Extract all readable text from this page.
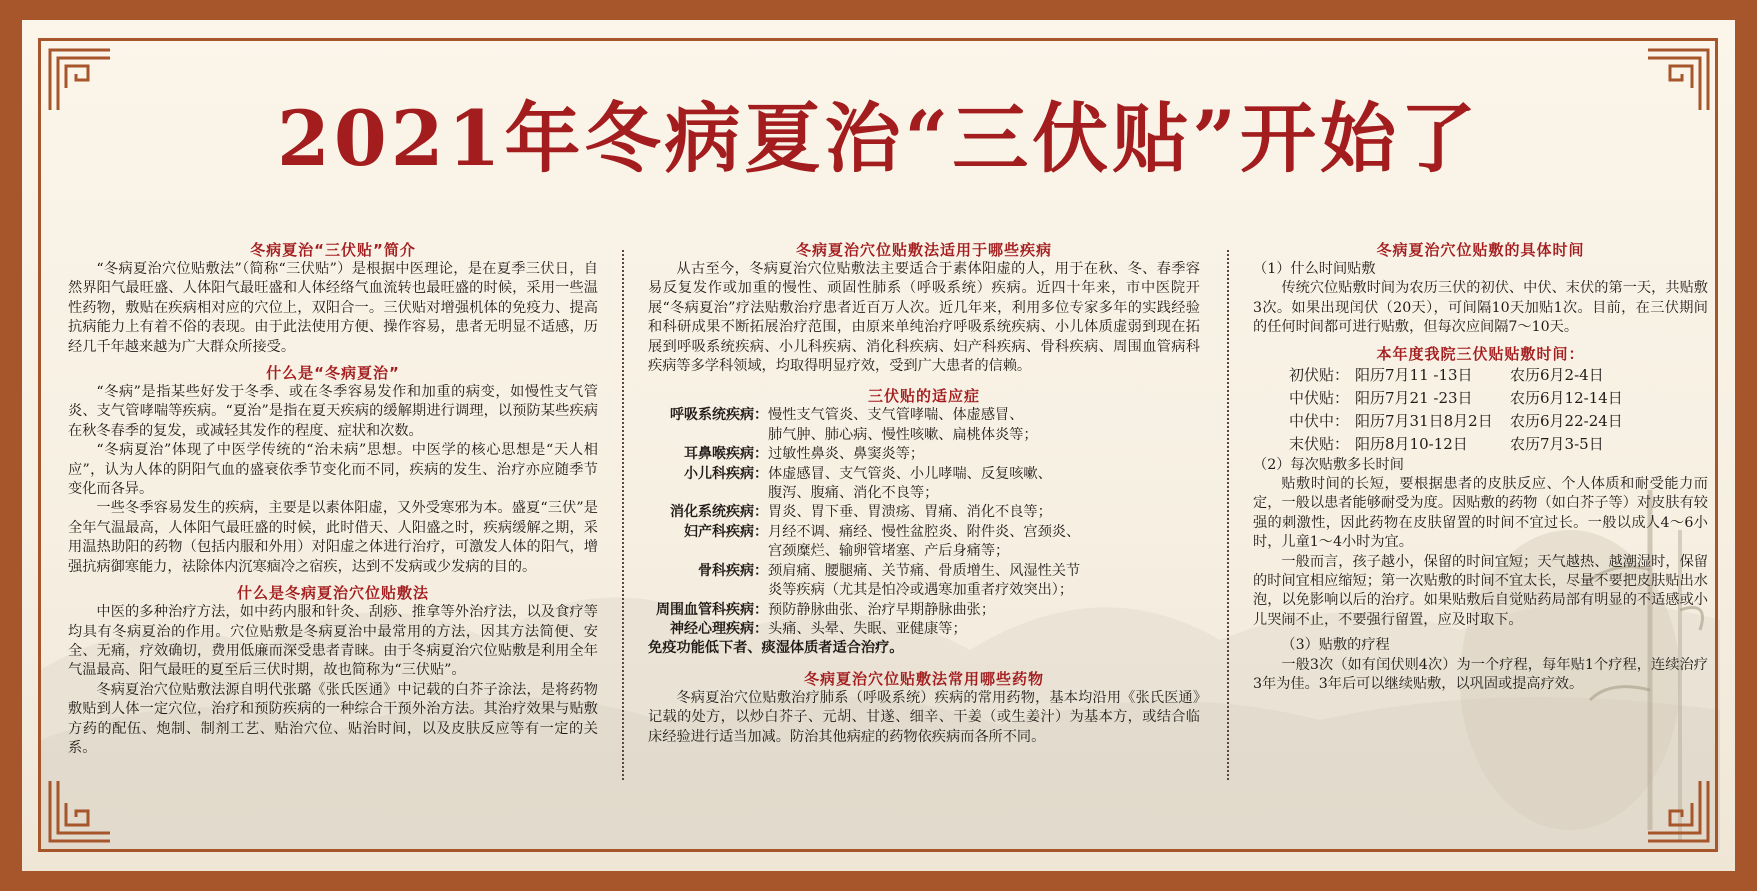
2021年冬病夏治“三伏贴”开始了
冬病夏治“三伏贴”简介

“冬病夏治穴位贴敷法”（简称“三伏贴”）是根据中医理论，是在夏季三伏日，自然界阳气最旺盛、人体阳气最旺盛和人体经络气血流转也最旺盛的时候，采用一些温性药物，敷贴在疾病相对应的穴位上，双阳合一。三伏贴对增强机体的免疫力、提高抗病能力上有着不俗的表现。由于此法使用方便、操作容易，患者无明显不适感，历经几千年越来越为广大群众所接受。

什么是“冬病夏治”

“冬病”是指某些好发于冬季、或在冬季容易发作和加重的病变，如慢性支气管炎、支气管哮喘等疾病。“夏治”是指在夏天疾病的缓解期进行调理，以预防某些疾病在秋冬春季的复发，或减轻其发作的程度、症状和次数。

“冬病夏治”体现了中医学传统的“治未病”思想。中医学的核心思想是“天人相应”，认为人体的阴阳气血的盛衰依季节变化而不同，疾病的发生、治疗亦应随季节变化而各异。

一些冬季容易发生的疾病，主要是以素体阳虚，又外受寒邪为本。盛夏“三伏”是全年气温最高，人体阳气最旺盛的时候，此时借天、人阳盛之时，疾病缓解之期，采用温热助阳的药物（包括内服和外用）对阳虚之体进行治疗，可激发人体的阳气，增强抗病御寒能力，祛除体内沉寒痼冷之宿疾，达到不发病或少发病的目的。

什么是冬病夏治穴位贴敷法

中医的多种治疗方法，如中药内服和针灸、刮痧、推拿等外治疗法，以及食疗等均具有冬病夏治的作用。穴位贴敷是冬病夏治中最常用的方法，因其方法简便、安全、无痛，疗效确切，费用低廉而深受患者青睐。由于冬病夏治穴位贴敷是利用全年气温最高、阳气最旺的夏至后三伏时期，故也简称为“三伏贴”。

冬病夏治穴位贴敷法源自明代张璐《张氏医通》中记载的白芥子涂法，是将药物敷贴到人体一定穴位，治疗和预防疾病的一种综合干预外治方法。其治疗效果与贴敷方药的配伍、炮制、制剂工艺、贴治穴位、贴治时间，以及皮肤反应等有一定的关系。

冬病夏治穴位贴敷法适用于哪些疾病

从古至今，冬病夏治穴位贴敷法主要适合于素体阳虚的人，用于在秋、冬、春季容易反复发作或加重的慢性、顽固性肺系（呼吸系统）疾病。近四十年来，市中医院开展“冬病夏治”疗法贴敷治疗患者近百万人次。近几年来，利用多位专家多年的实践经验和科研成果不断拓展治疗范围，由原来单纯治疗呼吸系统疾病、小儿体质虚弱到现在拓展到呼吸系统疾病、小儿科疾病、消化科疾病、妇产科疾病、骨科疾病、周围血管病科疾病等多学科领域，均取得明显疗效，受到广大患者的信赖。

三伏贴的适应症
呼吸系统疾病： 慢性支气管炎、支气管哮喘、体虚感冒、
肺气肿、肺心病、慢性咳嗽、扁桃体炎等；
耳鼻喉疾病： 过敏性鼻炎、鼻窦炎等；
小儿科疾病： 体虚感冒、支气管炎、小儿哮喘、反复咳嗽、
腹泻、腹痛、消化不良等；
消化系统疾病： 胃炎、胃下垂、胃溃疡、胃痛、消化不良等；
妇产科疾病： 月经不调、痛经、慢性盆腔炎、附件炎、宫颈炎、
宫颈糜烂、输卵管堵塞、产后身痛等；
骨科疾病： 颈肩痛、腰腿痛、关节痛、骨质增生、风湿性关节
炎等疾病（尤其是怕冷或遇寒加重者疗效突出）；
周围血管科疾病： 预防静脉曲张、治疗早期静脉曲张；
神经心理疾病： 头痛、头晕、失眠、亚健康等；
免疫功能低下者、痰湿体质者适合治疗。
冬病夏治穴位贴敷法常用哪些药物

冬病夏治穴位贴敷治疗肺系（呼吸系统）疾病的常用药物，基本均沿用《张氏医通》记载的处方，以炒白芥子、元胡、甘遂、细辛、干姜（或生姜汁）为基本方，或结合临床经验进行适当加减。防治其他病症的药物依疾病而各所不同。

冬病夏治穴位贴敷的具体时间

（1）什么时间贴敷

传统穴位贴敷时间为农历三伏的初伏、中伏、末伏的第一天，共贴敷3次。如果出现闰伏（20天），可间隔10天加贴1次。目前，在三伏期间的任何时间都可进行贴敷，但每次应间隔7～10天。

本年度我院三伏贴贴敷时间：
初伏贴： 阳历7月11 -13日	农历6月2-4日
中伏贴： 阳历7月21 -23日	农历6月12-14日
中伏中： 阳历7月31日8月2日	农历6月22-24日
末伏贴： 阳历8月10-12日	农历7月3-5日

（2）每次贴敷多长时间

贴敷时间的长短，要根据患者的皮肤反应、个人体质和耐受能力而定，一般以患者能够耐受为度。因贴敷的药物（如白芥子等）对皮肤有较强的刺激性，因此药物在皮肤留置的时间不宜过长。一般以成人4～6小时，儿童1～4小时为宜。

一般而言，孩子越小，保留的时间宜短；天气越热、越潮湿时，保留的时间宜相应缩短；第一次贴敷的时间不宜太长，尽量不要把皮肤贴出水泡，以免影响以后的治疗。如果贴敷后自觉贴药局部有明显的不适感或小儿哭闹不止，不要强行留置，应及时取下。

（3）贴敷的疗程

一般3次（如有闰伏则4次）为一个疗程，每年贴1个疗程，连续治疗3年为佳。3年后可以继续贴敷，以巩固或提高疗效。
